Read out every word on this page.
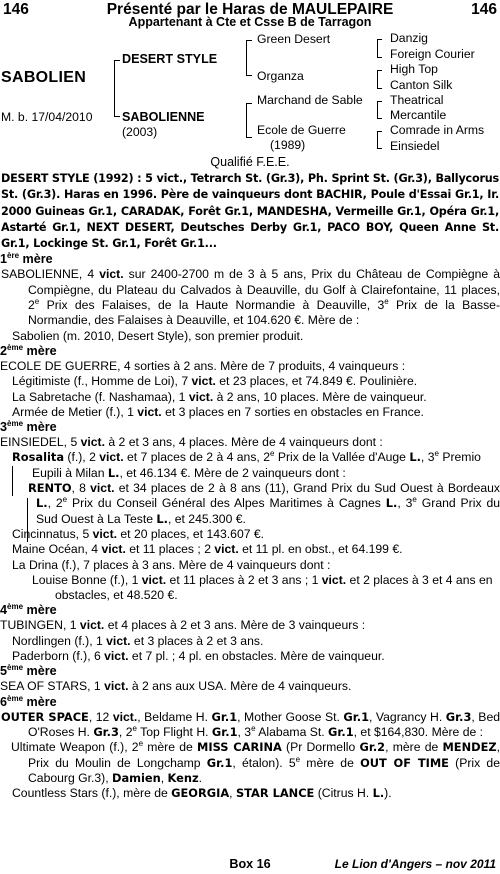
146	Présenté par le Haras de MAULEPAIRE	146
Appartenant à Cte et Csse B de Tarragon
SABOLIEN
M. b. 17/04/2010
DESERT STYLE
SABOLIENNE
(2003)
Green Desert
Organza
Marchand de Sable
Ecole de Guerre
(1989)
Danzig
Foreign Courier
High Top
Canton Silk
Theatrical
Mercantile
Comrade in Arms
Einsiedel
Qualifié F.E.E.
DESERT STYLE (1992) : 5 vict., Tetrarch St. (Gr.3), Ph. Sprint St. (Gr.3), Ballycorus St. (Gr.3). Haras en 1996. Père de vainqueurs dont BACHIR, Poule d'Essai Gr.1, Ir. 2000 Guineas Gr.1, CARADAK, Forêt Gr.1, MANDESHA, Vermeille Gr.1, Opéra Gr.1, Astarté Gr.1, NEXT DESERT, Deutsches Derby Gr.1, PACO BOY, Queen Anne St. Gr.1, Lockinge St. Gr.1, Forêt Gr.1...
1ère mère
SABOLIENNE, 4 vict. sur 2400-2700 m de 3 à 5 ans, Prix du Château de Compiègne à Compiègne, du Plateau du Calvados à Deauville, du Golf à Clairefontaine, 11 places, 2e Prix des Falaises, de la Haute Normandie à Deauville, 3e Prix de la Basse-Normandie, des Falaises à Deauville, et 104.620 €. Mère de :
Sabolien (m. 2010, Desert Style), son premier produit.
2ème mère
ECOLE DE GUERRE, 4 sorties à 2 ans. Mère de 7 produits, 4 vainqueurs :
Légitimiste (f., Homme de Loi), 7 vict. et 23 places, et 74.849 €. Poulinière.
La Sabretache (f. Nashamaa), 1 vict. à 2 ans, 10 places. Mère de vainqueur.
Armée de Metier (f.), 1 vict. et 3 places en 7 sorties en obstacles en France.
3ème mère
EINSIEDEL, 5 vict. à 2 et 3 ans, 4 places. Mère de 4 vainqueurs dont :
Rosalita (f.), 2 vict. et 7 places de 2 à 4 ans, 2e Prix de la Vallée d'Auge L., 3e Premio Eupili à Milan L., et 46.134 €. Mère de 2 vainqueurs dont :
RENTO, 8 vict. et 34 places de 2 à 8 ans (11), Grand Prix du Sud Ouest à Bordeaux L., 2e Prix du Conseil Général des Alpes Maritimes à Cagnes L., 3e Grand Prix du Sud Ouest à La Teste L., et 245.300 €.
Cincinnatus, 5 vict. et 20 places, et 143.607 €.
Maine Océan, 4 vict. et 11 places ; 2 vict. et 11 pl. en obst., et 64.199 €.
La Drina (f.), 7 places à 3 ans. Mère de 4 vainqueurs dont :
Louise Bonne (f.), 1 vict. et 11 places à 2 et 3 ans ; 1 vict. et 2 places à 3 et 4 ans en obstacles, et 48.520 €.
4ème mère
TUBINGEN, 1 vict. et 4 places à 2 et 3 ans. Mère de 3 vainqueurs :
Nordlingen (f.), 1 vict. et 3 places à 2 et 3 ans.
Paderborn (f.), 6 vict. et 7 pl. ; 4 pl. en obstacles. Mère de vainqueur.
5ème mère
SEA OF STARS, 1 vict. à 2 ans aux USA. Mère de 4 vainqueurs.
6ème mère
OUTER SPACE, 12 vict., Beldame H. Gr.1, Mother Goose St. Gr.1, Vagrancy H. Gr.3, Bed O'Roses H. Gr.3, 2e Top Flight H. Gr.1, 3e Alabama St. Gr.1, et $164,830. Mère de :
Ultimate Weapon (f.), 2e mère de MISS CARINA (Pr Dormello Gr.2, mère de MENDEZ, Prix du Moulin de Longchamp Gr.1, étalon). 5e mère de OUT OF TIME (Prix de Cabourg Gr.3), Damien, Kenz.
Countless Stars (f.), mère de GEORGIA, STAR LANCE (Citrus H. L.).
Box 16	Le Lion d'Angers – nov 2011
